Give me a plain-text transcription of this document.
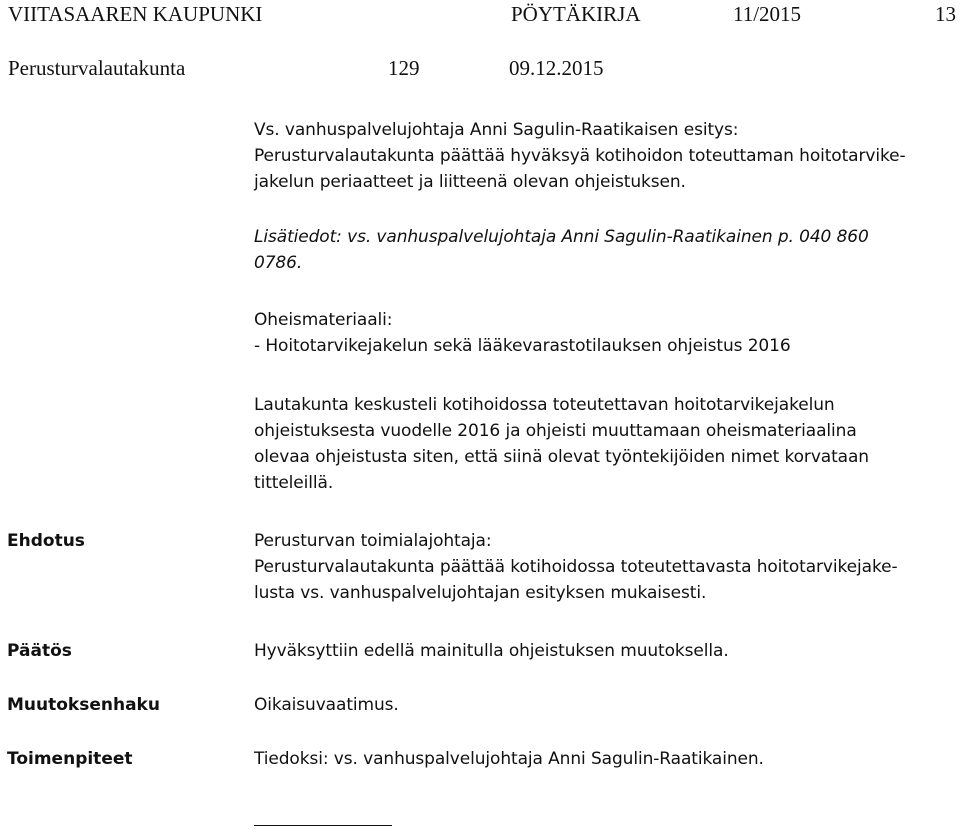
VIITASAAREN KAUPUNKI	PÖYTÄKIRJA	11/2015	13
Perusturvalautakunta	129	09.12.2015
Vs. vanhuspalvelujohtaja Anni Sagulin-Raatikaisen esitys:
Perusturvalautakunta päättää hyväksyä kotihoidon toteuttaman hoitotarvike-
jakelun periaatteet ja liitteenä olevan ohjeistuksen.
Lisätiedot: vs. vanhuspalvelujohtaja Anni Sagulin-Raatikainen p. 040 860
0786.
Oheismateriaali:
- Hoitotarvikejakelun sekä lääkevarastotilauksen ohjeistus 2016
Lautakunta keskusteli kotihoidossa toteutettavan hoitotarvikejakelun
ohjeistuksesta vuodelle 2016 ja ohjeisti muuttamaan oheismateriaalina
olevaa ohjeistusta siten, että siinä olevat työntekijöiden nimet korvataan
titteleillä.
Ehdotus	Perusturvan toimialajohtaja:
Perusturvalautakunta päättää kotihoidossa toteutettavasta hoitotarvikejake-
lusta vs. vanhuspalvelujohtajan esityksen mukaisesti.
Päätös	Hyväksyttiin edellä mainitulla ohjeistuksen muutoksella.
Muutoksenhaku	Oikaisuvaatimus.
Toimenpiteet	Tiedoksi: vs. vanhuspalvelujohtaja Anni Sagulin-Raatikainen.
